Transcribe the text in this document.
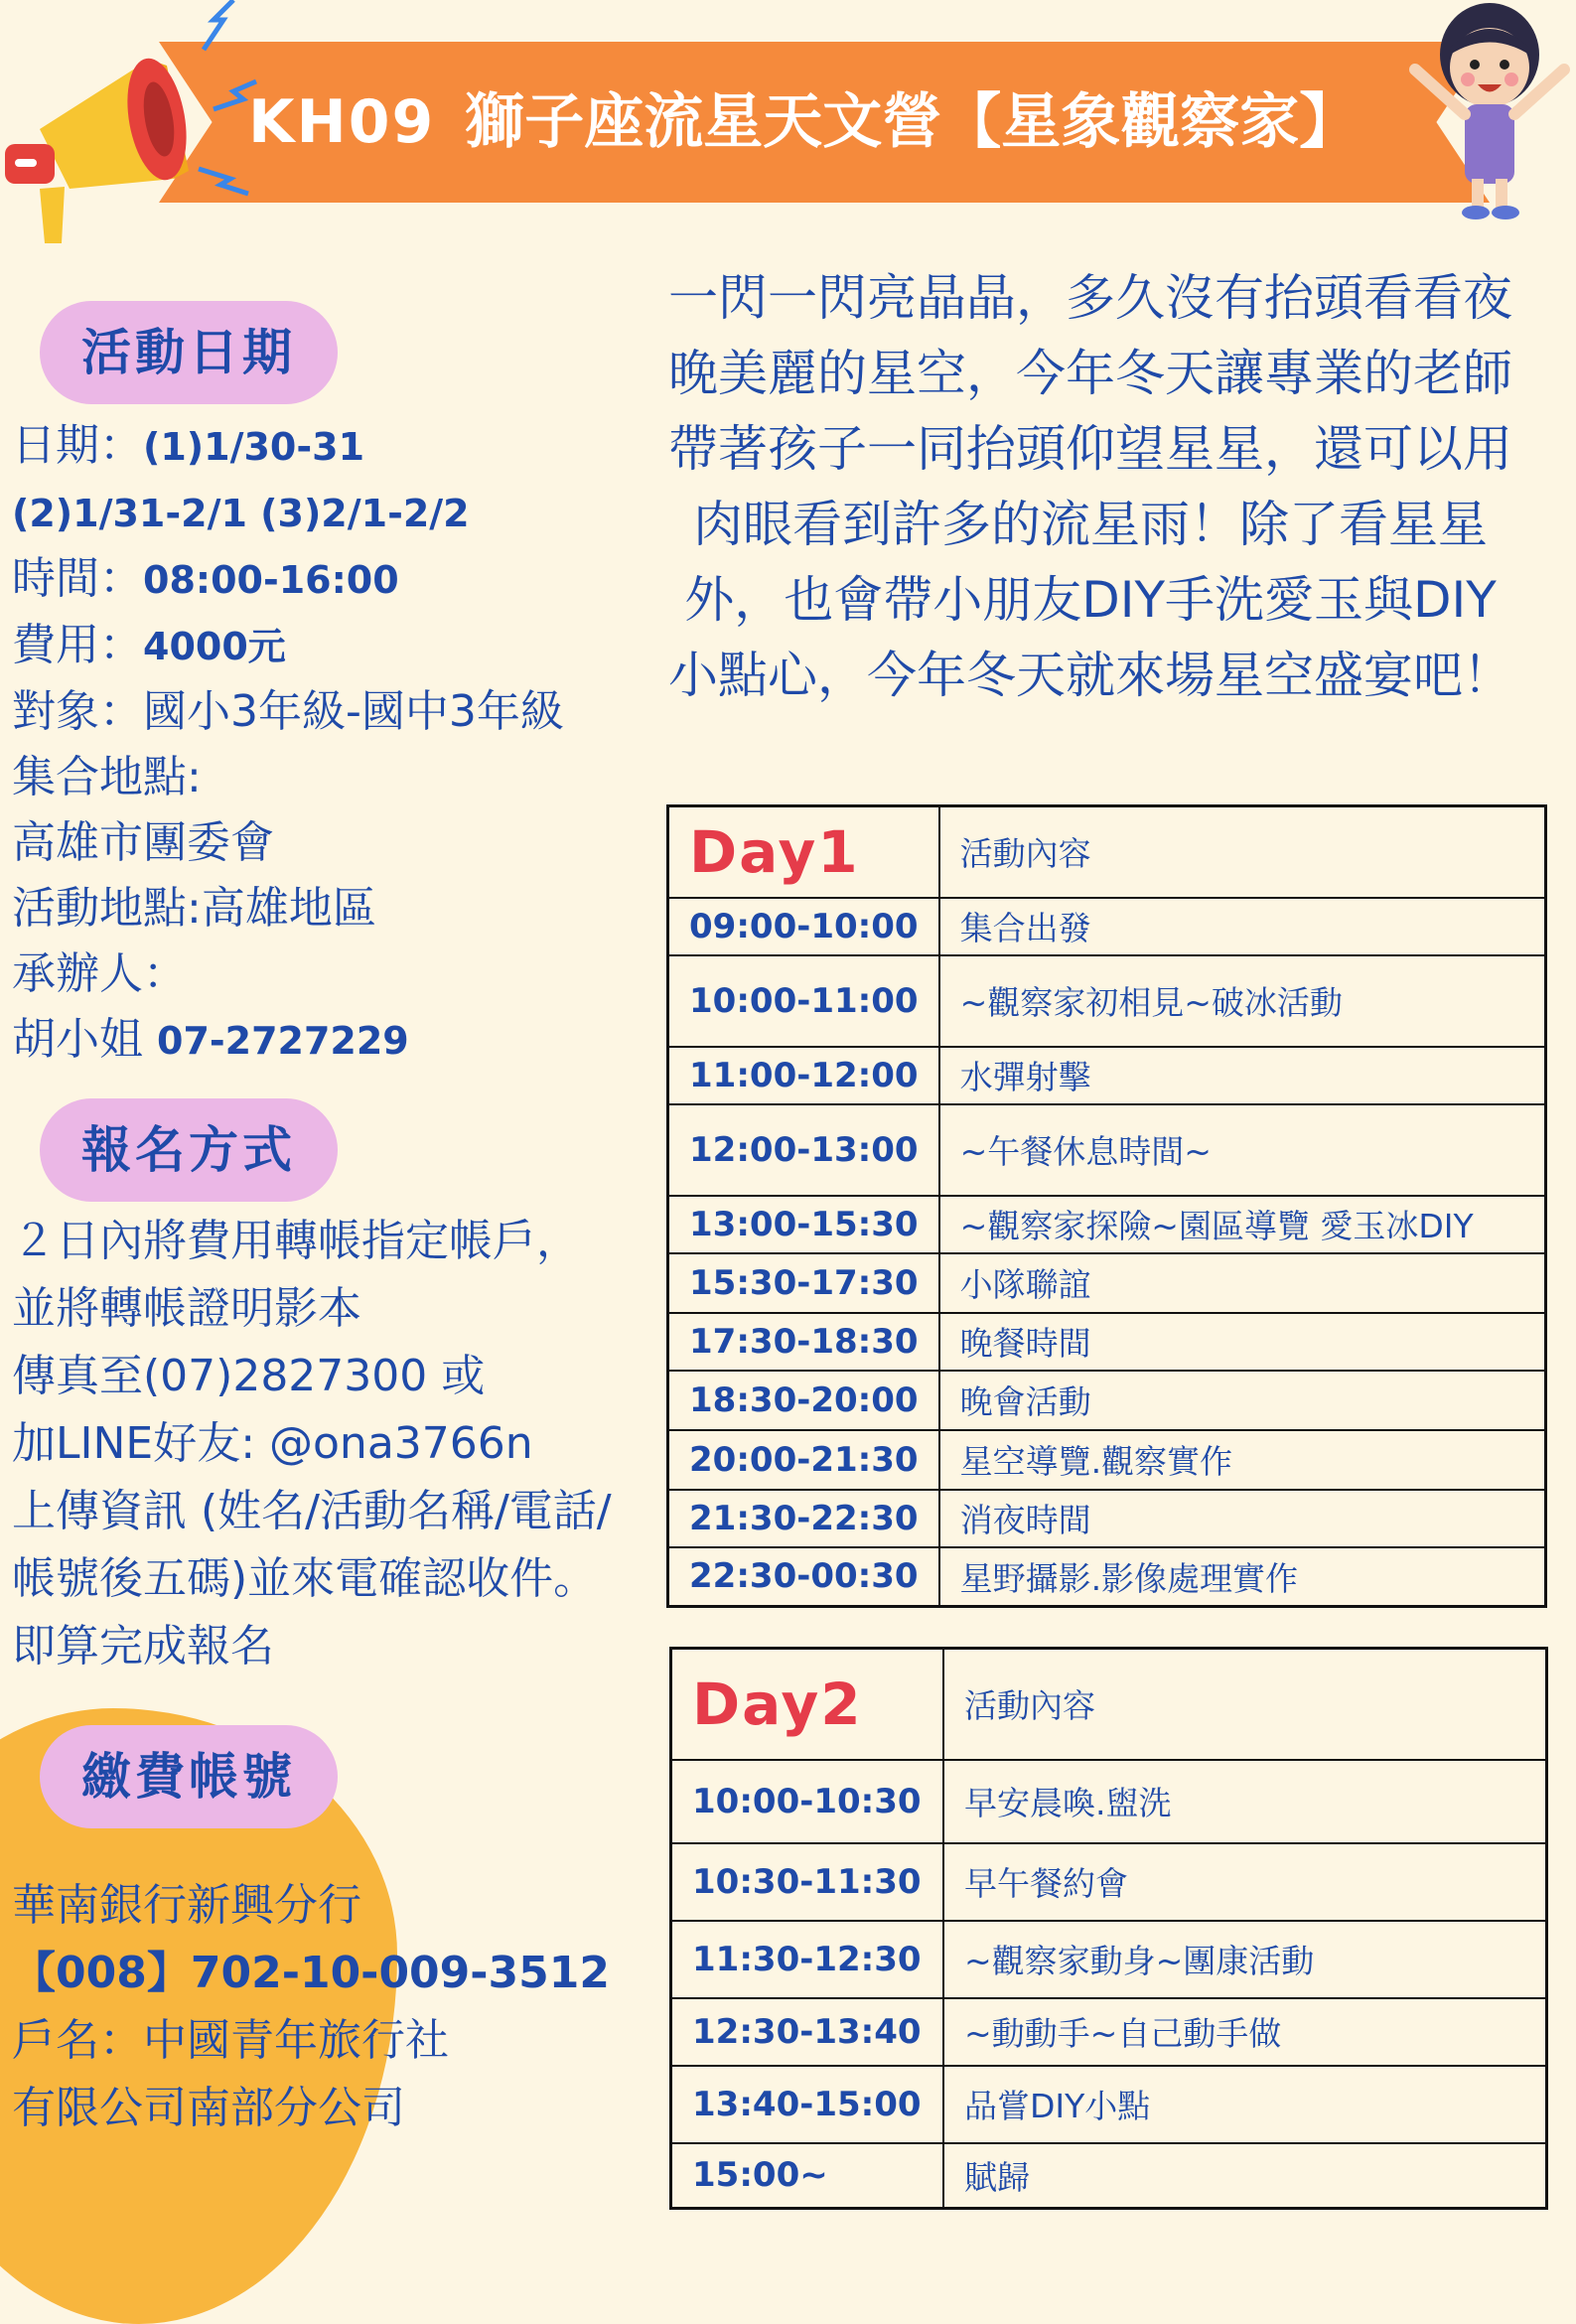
KH09 獅子座流星天文營【星象觀察家】
活動日期
日期：(1)1/30-31
(2)1/31-2/1 (3)2/1-2/2
時間：08:00-16:00
費用：4000元
對象：國小3年級-國中3年級
集合地點:
高雄市團委會
活動地點:高雄地區
承辦人：
胡小姐 07-2727229
報名方式
２日內將費用轉帳指定帳戶，
並將轉帳證明影本
傳真至(07)2827300 或
加LINE好友: @ona3766n
上傳資訊 (姓名/活動名稱/電話/
帳號後五碼)並來電確認收件。
即算完成報名
繳費帳號
華南銀行新興分行
【008】702-10-009-3512
戶名：中國青年旅行社
有限公司南部分公司
一閃一閃亮晶晶，多久沒有抬頭看看夜
晚美麗的星空，今年冬天讓專業的老師
帶著孩子一同抬頭仰望星星，還可以用
肉眼看到許多的流星雨！除了看星星
外，也會帶小朋友DIY手洗愛玉與DIY
小點心，今年冬天就來場星空盛宴吧！
Day1	活動內容
09:00-10:00	集合出發
10:00-11:00	~觀察家初相見~破冰活動
11:00-12:00	水彈射擊
12:00-13:00	~午餐休息時間~
13:00-15:30	~觀察家探險~園區導覽 愛玉冰DIY
15:30-17:30	小隊聯誼
17:30-18:30	晚餐時間
18:30-20:00	晚會活動
20:00-21:30	星空導覽.觀察實作
21:30-22:30	消夜時間
22:30-00:30	星野攝影.影像處理實作
Day2	活動內容
10:00-10:30	早安晨喚.盥洗
10:30-11:30	早午餐約會
11:30-12:30	~觀察家動身~團康活動
12:30-13:40	~動動手~自己動手做
13:40-15:00	品嘗DIY小點
15:00~	賦歸
